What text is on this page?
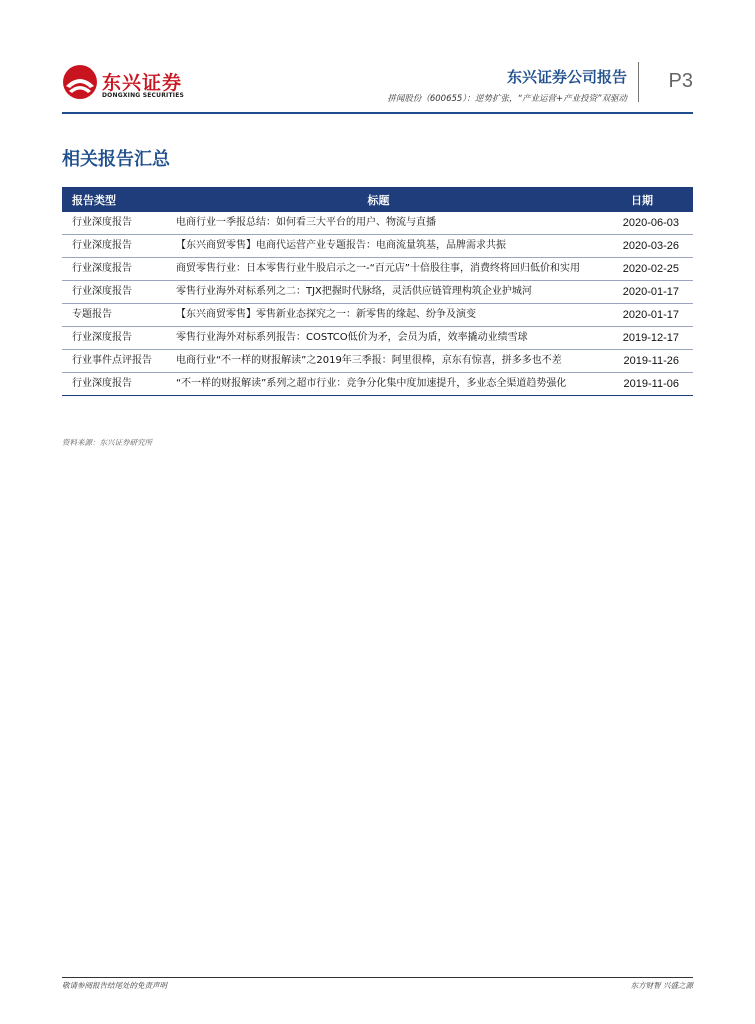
东兴证券
DONGXING SECURITIES
东兴证券公司报告
拼闻股份（600655）：逆势扩张，“产业运营+产业投资”双驱动
P3
相关报告汇总
报告类型	标题	日期
行业深度报告	电商行业一季报总结：如何看三大平台的用户、物流与直播	2020-06-03
行业深度报告	【东兴商贸零售】电商代运营产业专题报告：电商流量筑基，品牌需求共振	2020-03-26
行业深度报告	商贸零售行业：日本零售行业牛股启示之一-“百元店”十倍股往事，消费终将回归低价和实用	2020-02-25
行业深度报告	零售行业海外对标系列之二：TJX把握时代脉络，灵活供应链管理构筑企业护城河	2020-01-17
专题报告	【东兴商贸零售】零售新业态探究之一：新零售的缘起、纷争及演变	2020-01-17
行业深度报告	零售行业海外对标系列报告：COSTCO低价为矛，会员为盾，效率撬动业绩雪球	2019-12-17
行业事件点评报告	电商行业“不一样的财报解读”之2019年三季报：阿里很棒，京东有惊喜，拼多多也不差	2019-11-26
行业深度报告	“不一样的财报解读”系列之超市行业：竞争分化集中度加速提升，多业态全渠道趋势强化	2019-11-06
资料来源：东兴证券研究所
敬请参阅报告结尾处的免责声明	东方财智 兴盛之源
